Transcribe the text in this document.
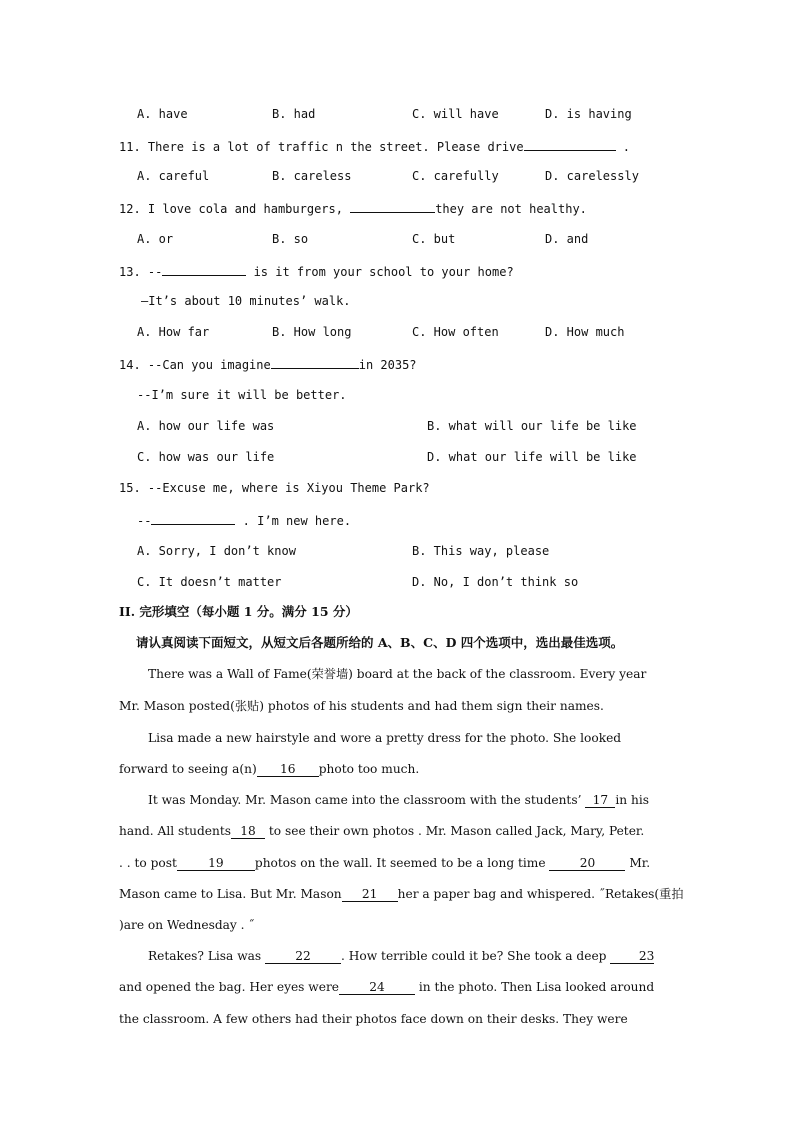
A. have	B. had	C. will have	D. is having
11. There is a lot of traffic n the street. Please drive	.
A. careful	B. careless	C. carefully	D. carelessly
12. I love cola and hamburgers,	they are not healthy.
A. or	B. so	C. but	D. and
13. --	is it from your school to your home?
–It’s about 10 minutes’ walk.
A. How far	B. How long	C. How often	D. How much
14. --Can you imagine	in 2035?
--I’m sure it will be better.
A. how our life was	B. what will our life be like
C. how was our life	D. what our life will be like
15. --Excuse me, where is Xiyou Theme Park?
--	. I’m new here.
A. Sorry, I don’t know	B. This way, please
C. It doesn’t matter	D. No, I don’t think so
II. 完形填空（每小题 1 分。满分 15 分）
请认真阅读下面短文，从短文后各题所给的 A、B、C、D 四个选项中，选出最佳选项。
There was a Wall of Fame(荣誉墙) board at the back of the classroom. Every year
Mr. Mason posted(张贴) photos of his students and had them sign their names.
Lisa made a new hairstyle and wore a pretty dress for the photo. She looked
forward to seeing a(n) 16 photo too much.
It was Monday. Mr. Mason came into the classroom with the students’ 17 in his
hand. All students 18 to see their own photos . Mr. Mason called Jack, Mary, Peter.
. . to post	19	photos on the wall. It seemed to be a long time 20 Mr.
Mason came to Lisa. But Mr. Mason 21 her a paper bag and whispered. ˝Retakes(重拍
)are on Wednesday . ˝
Retakes? Lisa was 22 . How terrible could it be? She took a deep 23
and opened the bag. Her eyes were 24 in the photo. Then Lisa looked around
the classroom. A few others had their photos face down on their desks. They were
